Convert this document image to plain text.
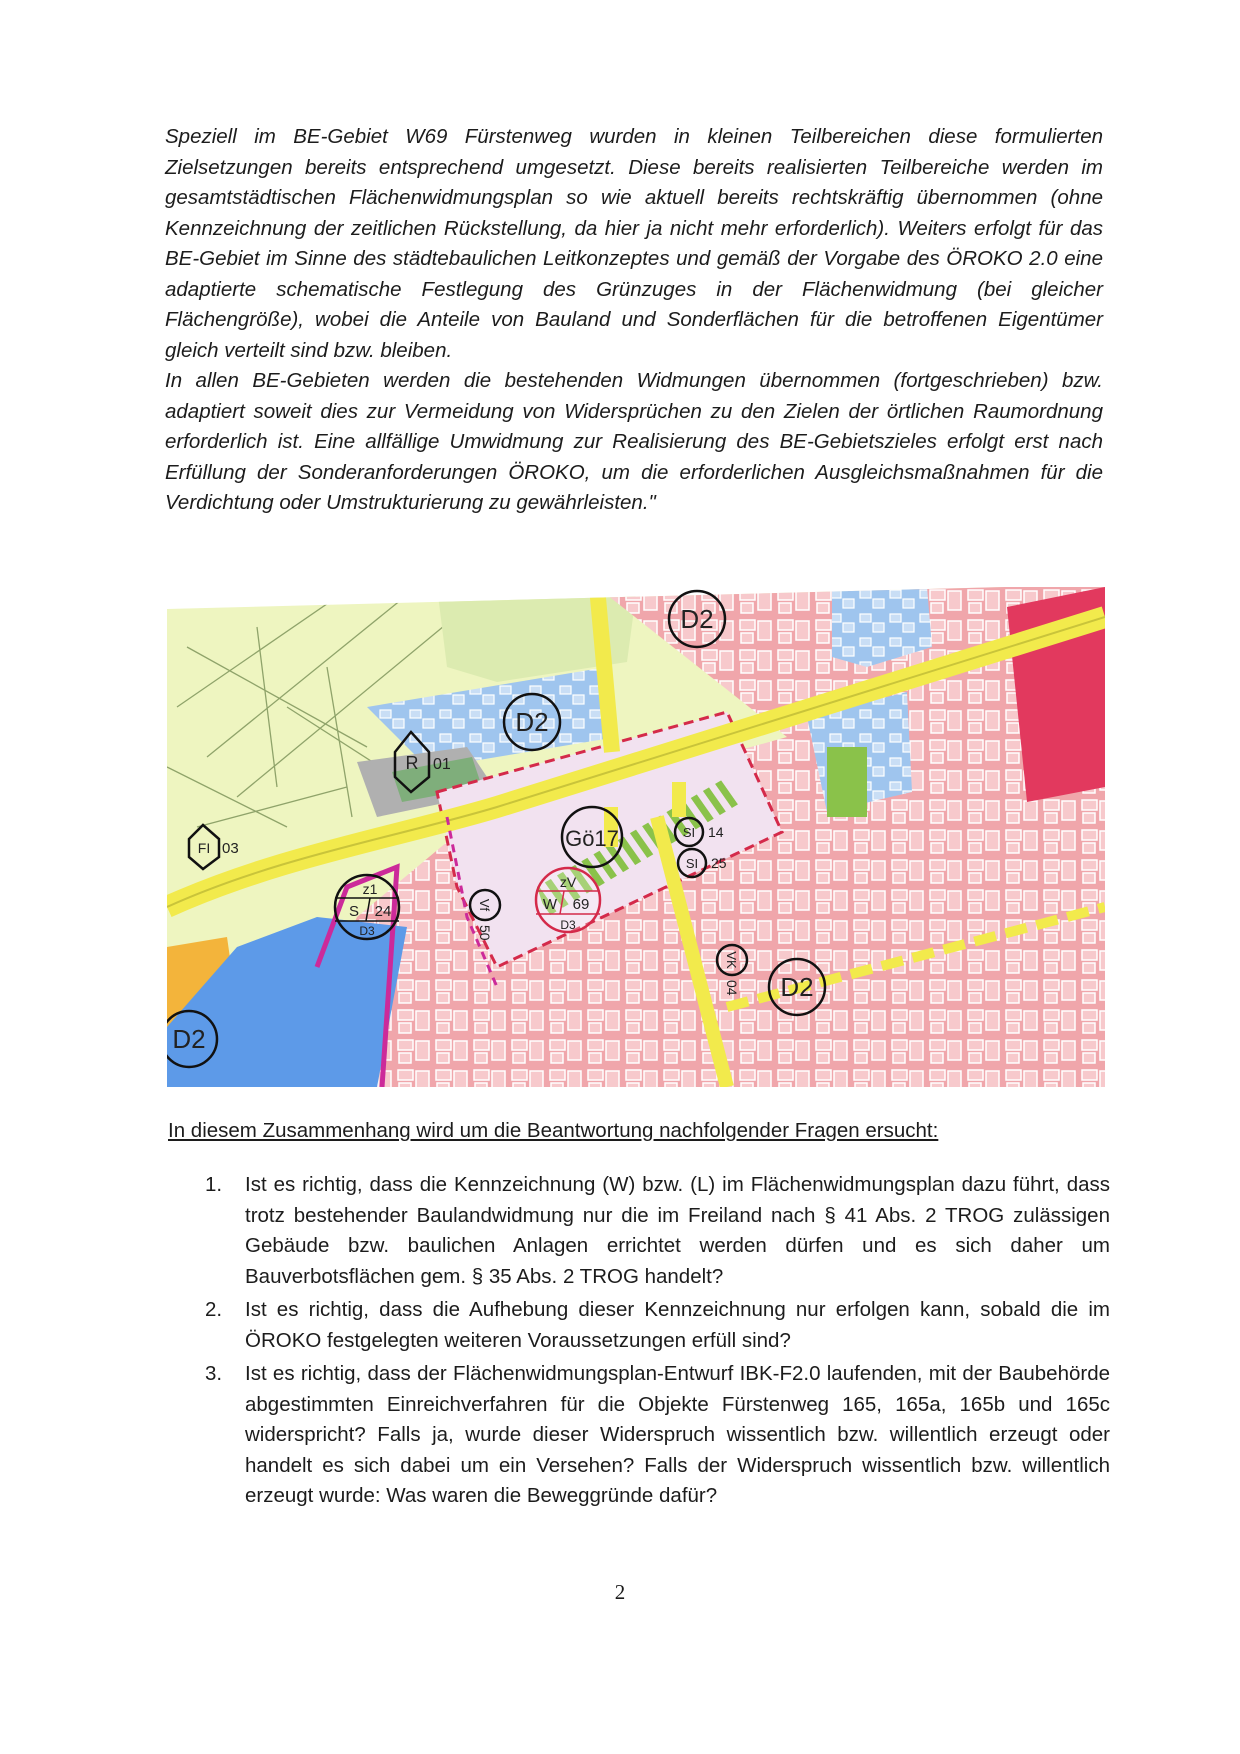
Speziell im BE-Gebiet W69 Fürstenweg wurden in kleinen Teilbereichen diese formulierten Zielsetzungen bereits entsprechend umgesetzt. Diese bereits realisierten Teilbereiche werden im gesamtstädtischen Flächenwidmungsplan so wie aktuell bereits rechtskräftig übernommen (ohne Kennzeichnung der zeitlichen Rückstellung, da hier ja nicht mehr erforderlich). Weiters erfolgt für das BE-Gebiet im Sinne des städtebaulichen Leitkonzeptes und gemäß der Vorgabe des ÖROKO 2.0 eine adaptierte schematische Festlegung des Grünzuges in der Flächenwidmung (bei gleicher Flächengröße), wobei die Anteile von Bauland und Sonderflächen für die betroffenen Eigentümer gleich verteilt sind bzw. bleiben.

In allen BE-Gebieten werden die bestehenden Widmungen übernommen (fortgeschrieben) bzw. adaptiert soweit dies zur Vermeidung von Widersprüchen zu den Zielen der örtlichen Raumordnung erforderlich ist. Eine allfällige Umwidmung zur Realisierung des BE-Gebietszieles erfolgt erst nach Erfüllung der Sonderanforderungen ÖROKO, um die erforderlichen Ausgleichsmaßnahmen für die Verdichtung oder Umstrukturierung zu gewährleisten."

D2
D2
D2
D2
R 01
FI 03	Gö17	SI 14
SI 25
zV
W 69
D3
z1
S 24
D3
Vf
50
VK
04
In diesem Zusammenhang wird um die Beantwortung nachfolgender Fragen ersucht:
1. Ist es richtig, dass die Kennzeichnung (W) bzw. (L) im Flächenwidmungsplan dazu führt, dass trotz bestehender Baulandwidmung nur die im Freiland nach § 41 Abs. 2 TROG zulässigen Gebäude bzw. baulichen Anlagen errichtet werden dürfen und es sich daher um Bauverbotsflächen gem. § 35 Abs. 2 TROG handelt?
2. Ist es richtig, dass die Aufhebung dieser Kennzeichnung nur erfolgen kann, sobald die im ÖROKO festgelegten weiteren Voraussetzungen erfüll sind?
3. Ist es richtig, dass der Flächenwidmungsplan-Entwurf IBK-F2.0 laufenden, mit der Baubehörde abgestimmten Einreichverfahren für die Objekte Fürstenweg 165, 165a, 165b und 165c widerspricht? Falls ja, wurde dieser Widerspruch wissentlich bzw. willentlich erzeugt oder handelt es sich dabei um ein Versehen? Falls der Widerspruch wissentlich bzw. willentlich erzeugt wurde: Was waren die Beweggründe dafür?
2
